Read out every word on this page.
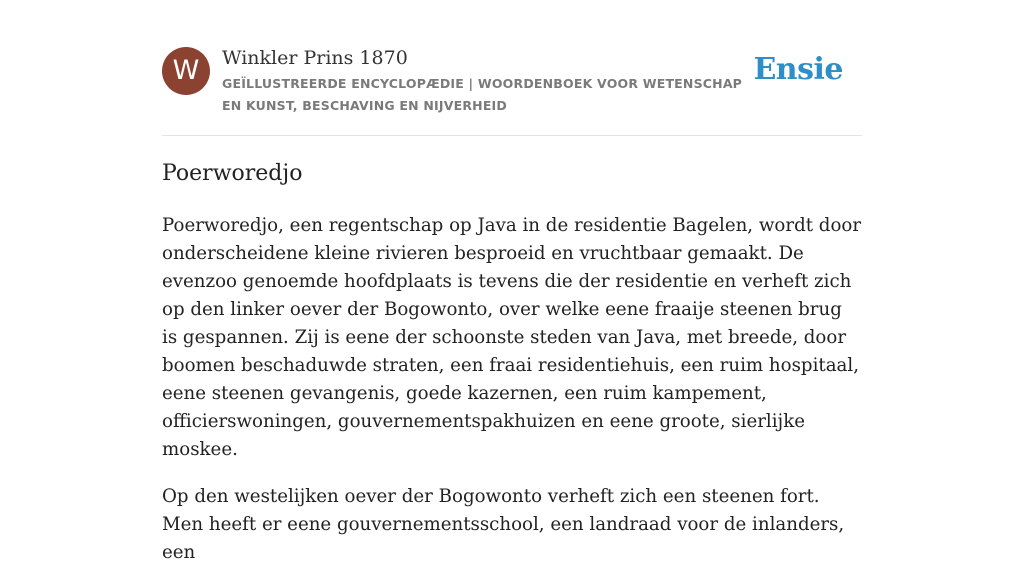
W	Winkler Prins 1870
GEÏLLUSTREERDE ENCYCLOPÆDIE | WOORDENBOEK VOOR WETENSCHAP EN KUNST, BESCHAVING EN NIJVERHEID
Ensie
Poerworedjo

Poerworedjo, een regentschap op Java in de residentie Bagelen, wordt door onderscheidene kleine rivieren besproeid en vruchtbaar gemaakt. De evenzoo genoemde hoofdplaats is tevens die der residentie en verheft zich op den linker oever der Bogowonto, over welke eene fraaije steenen brug is gespannen. Zij is eene der schoonste steden van Java, met breede, door boomen beschaduwde straten, een fraai residentiehuis, een ruim hospitaal, eene steenen gevangenis, goede kazernen, een ruim kampement, officierswoningen, gouvernementspakhuizen en eene groote, sierlijke moskee.

Op den westelijken oever der Bogowonto verheft zich een steenen fort. Men heeft er eene gouvernementsschool, een landraad voor de inlanders, een
